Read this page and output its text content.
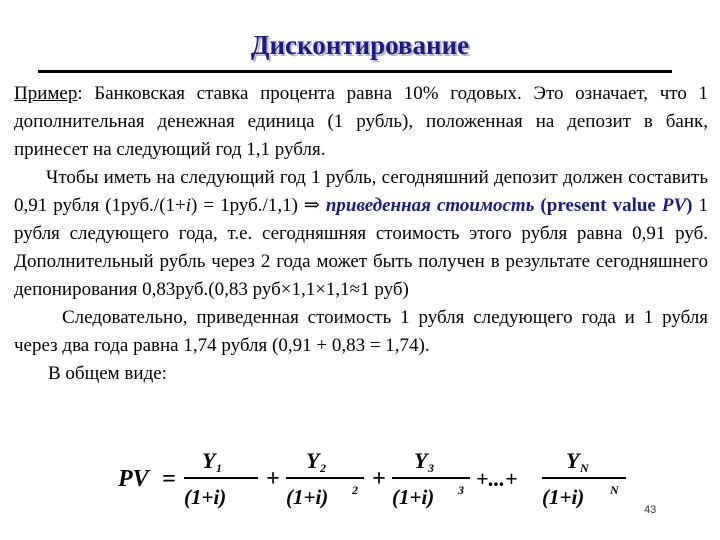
Дисконтирование

Пример: Банковская ставка процента равна 10% годовых. Это означает, что 1 дополнительная денежная единица (1 рубль), положенная на депозит в банк, принесет на следующий год 1,1 рубля.

Чтобы иметь на следующий год 1 рубль, сегодняшний депозит должен составить 0,91 рубля (1руб./(1+i) = 1руб./1,1) ⇒ приведенная стоимость (present value PV) 1 рубля следующего года, т.е. сегодняшняя стоимость этого рубля равна 0,91 руб. Дополнительный рубль через 2 года может быть получен в результате сегодняшнего депонирования 0,83руб.(0,83 руб×1,1×1,1≈1 руб)

Следовательно, приведенная стоимость 1 рубля следующего года и 1 рубля через два года равна 1,74 рубля (0,91 + 0,83 = 1,74).

В общем виде:

PV =
Y 1
(1+i)
+
Y 2
(1+i) 2 +
Y 3
(1+i) 3 +...+
Y N
(1+i) N
43
